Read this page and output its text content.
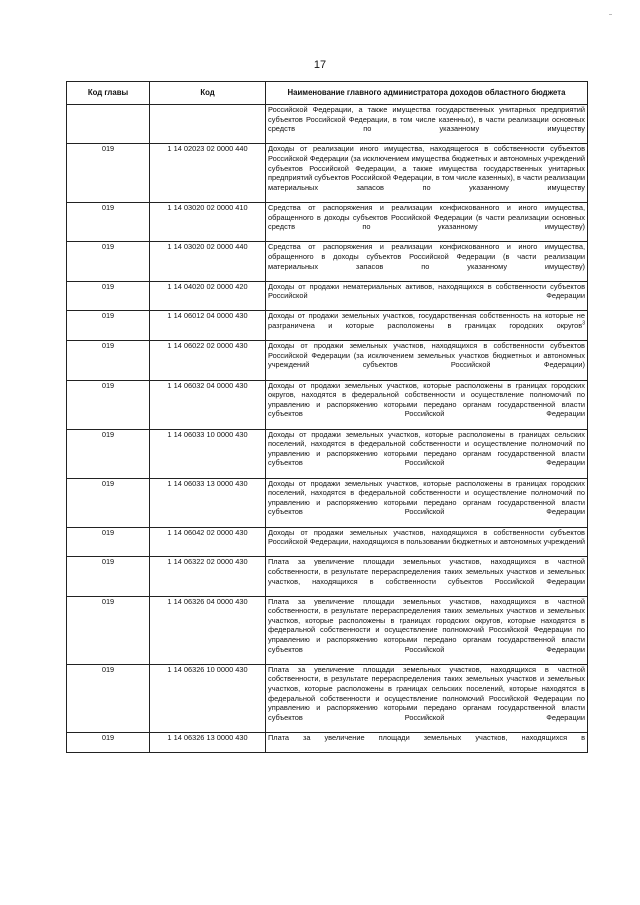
17
Код главы	Код	Наименование главного администратора доходов областного бюджета
		Российской Федерации, а также имущества государственных унитарных предприятий субъектов Российской Федерации, в том числе казенных), в части реализации основных средств по указанному имуществу
019	1 14 02023 02 0000 440	Доходы от реализации иного имущества, находящегося в собственности субъектов Российской Федерации (за исключением имущества бюджетных и автономных учреждений субъектов Российской Федерации, а также имущества государственных унитарных предприятий субъектов Российской Федерации, в том числе казенных), в части реализации материальных запасов по указанному имуществу
019	1 14 03020 02 0000 410	Средства от распоряжения и реализации конфискованного и иного имущества, обращенного в доходы субъектов Российской Федерации (в части реализации основных средств по указанному имуществу)
019	1 14 03020 02 0000 440	Средства от распоряжения и реализации конфискованного и иного имущества, обращенного в доходы субъектов Российской Федерации (в части реализации материальных запасов по указанному имуществу)
019	1 14 04020 02 0000 420	Доходы от продажи нематериальных активов, находящихся в собственности субъектов Российской Федерации
019	1 14 06012 04 0000 430	Доходы от продажи земельных участков, государственная собственность на которые не разграничена и которые расположены в границах городских округов$^3$
019	1 14 06022 02 0000 430	Доходы от продажи земельных участков, находящихся в собственности субъектов Российской Федерации (за исключением земельных участков бюджетных и автономных учреждений субъектов Российской Федерации)
019	1 14 06032 04 0000 430	Доходы от продажи земельных участков, которые расположены в границах городских округов, находятся в федеральной собственности и осуществление полномочий по управлению и распоряжению которыми передано органам государственной власти субъектов Российской Федерации
019	1 14 06033 10 0000 430	Доходы от продажи земельных участков, которые расположены в границах сельских поселений, находятся в федеральной собственности и осуществление полномочий по управлению и распоряжению которыми передано органам государственной власти субъектов Российской Федерации
019	1 14 06033 13 0000 430	Доходы от продажи земельных участков, которые расположены в границах городских поселений, находятся в федеральной собственности и осуществление полномочий по управлению и распоряжению которыми передано органам государственной власти субъектов Российской Федерации
019	1 14 06042 02 0000 430	Доходы от продажи земельных участков, находящихся в собственности субъектов Российской Федерации, находящихся в пользовании бюджетных и автономных учреждений
019	1 14 06322 02 0000 430	Плата за увеличение площади земельных участков, находящихся в частной собственности, в результате перераспределения таких земельных участков и земельных участков, находящихся в собственности субъектов Российской Федерации
019	1 14 06326 04 0000 430	Плата за увеличение площади земельных участков, находящихся в частной собственности, в результате перераспределения таких земельных участков и земельных участков, которые расположены в границах городских округов, которые находятся в федеральной собственности и осуществление полномочий Российской Федерации по управлению и распоряжению которыми передано органам государственной власти субъектов Российской Федерации
019	1 14 06326 10 0000 430	Плата за увеличение площади земельных участков, находящихся в частной собственности, в результате перераспределения таких земельных участков и земельных участков, которые расположены в границах сельских поселений, которые находятся в федеральной собственности и осуществление полномочий Российской Федерации по управлению и распоряжению которыми передано органам государственной власти субъектов Российской Федерации
019	1 14 06326 13 0000 430	Плата за увеличение площади земельных участков, находящихся в
